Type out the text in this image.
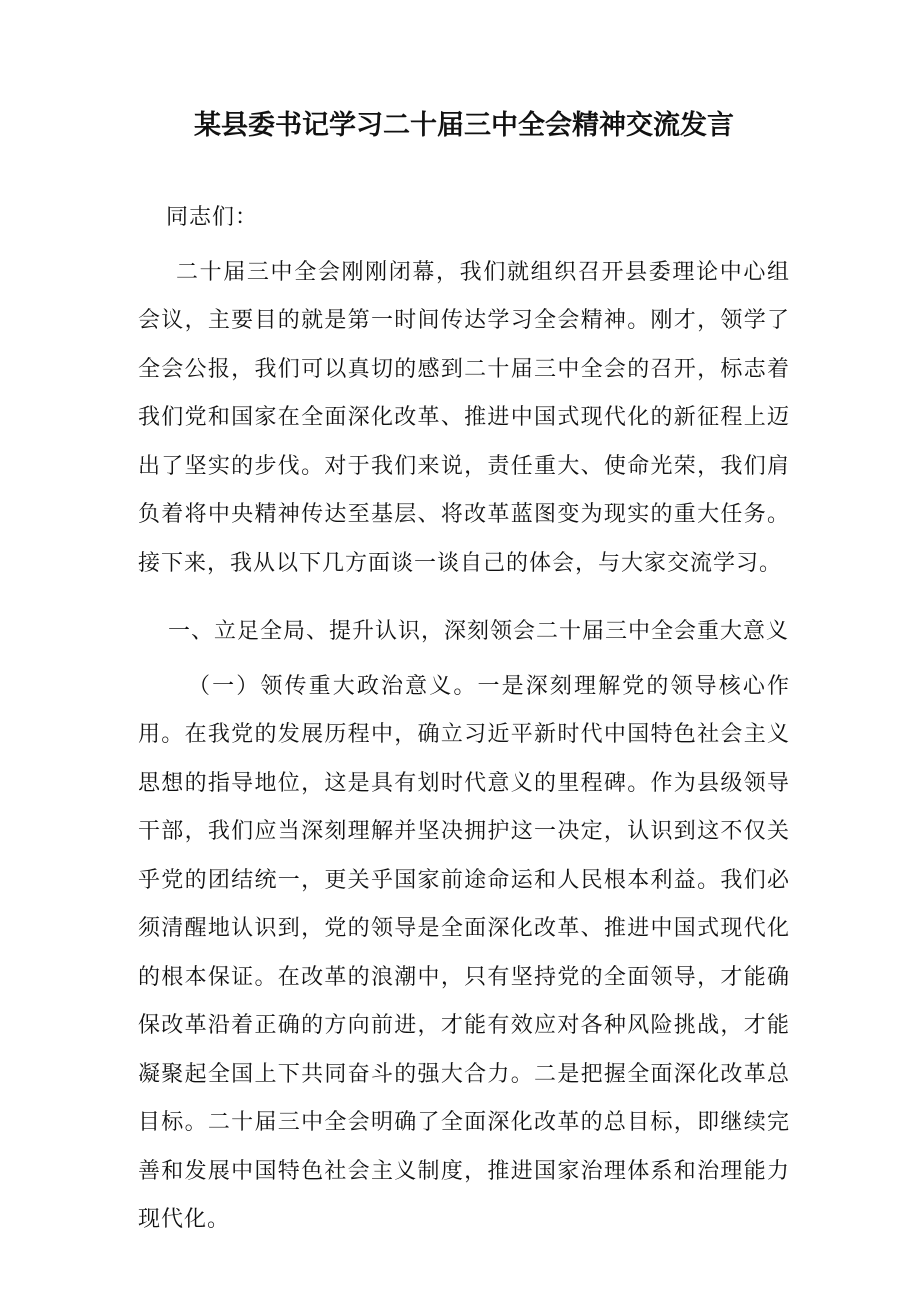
某县委书记学习二十届三中全会精神交流发言

同志们：

二十届三中全会刚刚闭幕，我们就组织召开县委理论中心组会议，主要目的就是第一时间传达学习全会精神。刚才，领学了全会公报，我们可以真切的感到二十届三中全会的召开，标志着我们党和国家在全面深化改革、推进中国式现代化的新征程上迈出了坚实的步伐。对于我们来说，责任重大、使命光荣，我们肩负着将中央精神传达至基层、将改革蓝图变为现实的重大任务。接下来，我从以下几方面谈一谈自己的体会，与大家交流学习。

一、立足全局、提升认识，深刻领会二十届三中全会重大意义

（一）领传重大政治意义。一是深刻理解党的领导核心作用。在我党的发展历程中，确立习近平新时代中国特色社会主义思想的指导地位，这是具有划时代意义的里程碑。作为县级领导干部，我们应当深刻理解并坚决拥护这一决定，认识到这不仅关乎党的团结统一，更关乎国家前途命运和人民根本利益。我们必须清醒地认识到，党的领导是全面深化改革、推进中国式现代化的根本保证。在改革的浪潮中，只有坚持党的全面领导，才能确保改革沿着正确的方向前进，才能有效应对各种风险挑战，才能凝聚起全国上下共同奋斗的强大合力。二是把握全面深化改革总目标。二十届三中全会明确了全面深化改革的总目标，即继续完善和发展中国特色社会主义制度，推进国家治理体系和治理能力现代化。
